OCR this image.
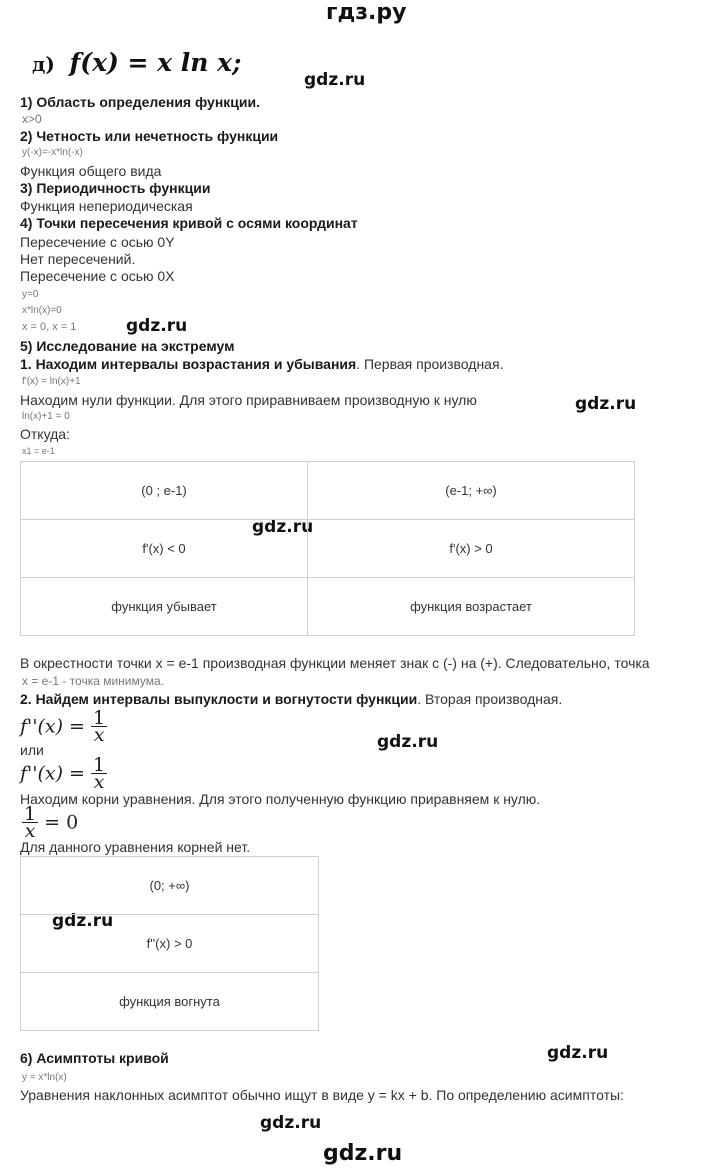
гдз.ру
gdz.ru
gdz.ru
gdz.ru
gdz.ru
gdz.ru
gdz.ru
gdz.ru
gdz.ru
gdz.ru
д) f(x) = x ln x;
1) Область определения функции.
x>0
2) Четность или нечетность функции
y(-x)=-x*ln(-x)
Функция общего вида
3) Периодичность функции
Функция непериодическая
4) Точки пересечения кривой с осями координат
Пересечение с осью 0Y
Нет пересечений.
Пересечение с осью 0X
y=0
x*ln(x)=0
x = 0, x = 1
5) Исследование на экстремум
1. Находим интервалы возрастания и убывания. Первая производная.
f'(x) = ln(x)+1
Находим нули функции. Для этого приравниваем производную к нулю
ln(x)+1 = 0
Откуда:
x1 = e-1
(0 ; e-1)	(e-1; +∞)
f'(x) < 0	f'(x) > 0
функция убывает	функция возрастает
В окрестности точки x = e-1 производная функции меняет знак с (-) на (+). Следовательно, точка
x = e-1 - точка минимума.
2. Найдем интервалы выпуклости и вогнутости функции. Вторая производная.
$f''(x) = \frac{1}{x}$
или
$f''(x) = \frac{1}{x}$
Находим корни уравнения. Для этого полученную функцию приравняем к нулю.
$\frac{1}{x} = 0$
Для данного уравнения корней нет.
(0; +∞)
f''(x) > 0
функция вогнута
6) Асимптоты кривой
y = x*ln(x)
Уравнения наклонных асимптот обычно ищут в виде y = kx + b. По определению асимптоты:
